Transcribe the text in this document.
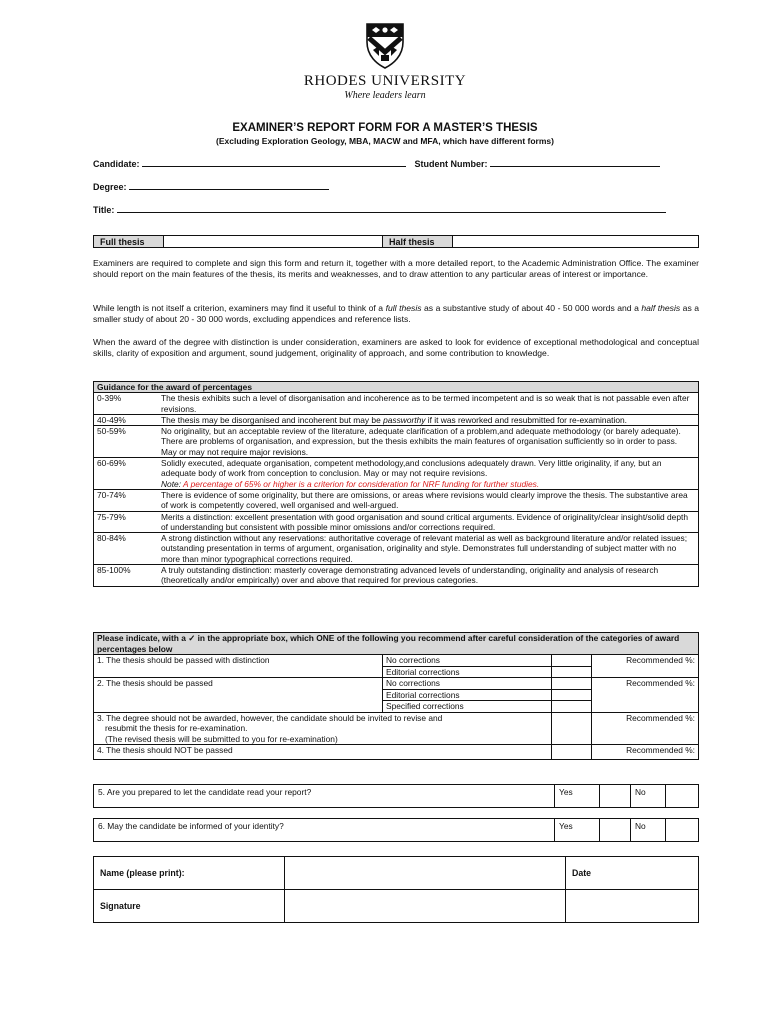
RHODES UNIVERSITY
Where leaders learn
EXAMINER’S REPORT FORM FOR A MASTER’S THESIS
(Excluding Exploration Geology, MBA, MACW and MFA, which have different forms)
Candidate:	Student Number:
Degree:
Title:
Full thesis		Half thesis	
Examiners are required to complete and sign this form and return it, together with a more detailed report, to the Academic Administration Office. The examiner should report on the main features of the thesis, its merits and weaknesses, and to draw attention to any particular areas of interest or importance.
While length is not itself a criterion, examiners may find it useful to think of a full thesis as a substantive study of about 40 - 50 000 words and a half thesis as a smaller study of about 20 - 30 000 words, excluding appendices and reference lists.
When the award of the degree with distinction is under consideration, examiners are asked to look for evidence of exceptional methodological and conceptual skills, clarity of exposition and argument, sound judgement, originality of approach, and some contribution to knowledge.
Guidance for the award of percentages	
0-39%	The thesis exhibits such a level of disorganisation and incoherence as to be termed incompetent and is so weak that is not passable even after revisions.
40-49%	The thesis may be disorganised and incoherent but may be passworthy if it was reworked and resubmitted for re-examination.
50-59%	No originality, but an acceptable review of the literature, adequate clarification of a problem,and adequate methodology (or barely adequate). There are problems of organisation, and expression, but the thesis exhibits the main features of organisation sufficiently so in order to pass. May or may not require major revisions.
60-69%	Solidly executed, adequate organisation, competent methodology,and conclusions adequately drawn. Very little originality, if any, but an adequate body of work from conception to conclusion. May or may not require revisions.
Note: A percentage of 65% or higher is a criterion for consideration for NRF funding for further studies.
70-74%	There is evidence of some originality, but there are omissions, or areas where revisions would clearly improve the thesis. The substantive area of work is competently covered, well organised and well-argued.
75-79%	Merits a distinction: excellent presentation with good organisation and sound critical arguments. Evidence of originality/clear insight/solid depth of understanding but consistent with possible minor omissions and/or corrections required.
80-84%	A strong distinction without any reservations: authoritative coverage of relevant material as well as background literature and/or related issues; outstanding presentation in terms of argument, organisation, originality and style. Demonstrates full understanding of subject matter with no more than minor typographical corrections required.
85-100%	A truly outstanding distinction: masterly coverage demonstrating advanced levels of understanding, originality and analysis of research (theoretically and/or empirically) over and above that required for previous categories.
Please indicate, with a ✓ in the appropriate box, which ONE of the following you recommend after careful consideration of the categories of award percentages below			
1. The thesis should be passed with distinction	No corrections		Recommended %:
	Editorial corrections		
2. The thesis should be passed	No corrections		Recommended %:
	Editorial corrections		
	Specified corrections		
3. The degree should not be awarded, however, the candidate should be invited to revise and
resubmit the thesis for re-examination.
(The revised thesis will be submitted to you for re-examination)			Recommended %:
4. The thesis should NOT be passed			Recommended %:
5. Are you prepared to let the candidate read your report?	Yes		No	
6. May the candidate be informed of your identity?	Yes		No	
Name (please print):		Date
Signature		
